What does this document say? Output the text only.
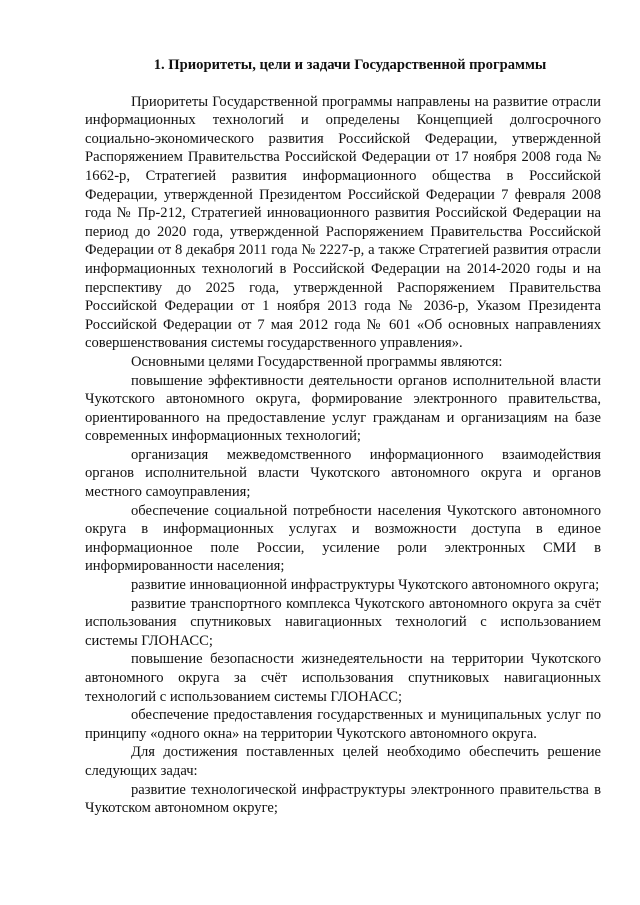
1. Приоритеты, цели и задачи Государственной программы

Приоритеты Государственной программы направлены на развитие отрасли информационных технологий и определены Концепцией долгосрочного социально-экономического развития Российской Федерации, утвержденной Распоряжением Правительства Российской Федерации от 17 ноября 2008 года № 1662-р, Стратегией развития информационного общества в Российской Федерации, утвержденной Президентом Российской Федерации 7 февраля 2008 года № Пр-212, Стратегией инновационного развития Российской Федерации на период до 2020 года, утвержденной Распоряжением Правительства Российской Федерации от 8 декабря 2011 года № 2227-р, а также Стратегией развития отрасли информационных технологий в Российской Федерации на 2014-2020 годы и на перспективу до 2025 года, утвержденной Распоряжением Правительства Российской Федерации от 1 ноября 2013 года № 2036-р, Указом Президента Российской Федерации от 7 мая 2012 года № 601 «Об основных направлениях совершенствования системы государственного управления».

Основными целями Государственной программы являются:

повышение эффективности деятельности органов исполнительной власти Чукотского автономного округа, формирование электронного правительства, ориентированного на предоставление услуг гражданам и организациям на базе современных информационных технологий;

организация межведомственного информационного взаимодействия органов исполнительной власти Чукотского автономного округа и органов местного самоуправления;

обеспечение социальной потребности населения Чукотского автономного округа в информационных услугах и возможности доступа в единое информационное поле России, усиление роли электронных СМИ в информированности населения;

развитие инновационной инфраструктуры Чукотского автономного округа;

развитие транспортного комплекса Чукотского автономного округа за счёт использования спутниковых навигационных технологий с использованием системы ГЛОНАСС;

повышение безопасности жизнедеятельности на территории Чукотского автономного округа за счёт использования спутниковых навигационных технологий с использованием системы ГЛОНАСС;

обеспечение предоставления государственных и муниципальных услуг по принципу «одного окна» на территории Чукотского автономного округа.

Для достижения поставленных целей необходимо обеспечить решение следующих задач:

развитие технологической инфраструктуры электронного правительства в Чукотском автономном округе;
